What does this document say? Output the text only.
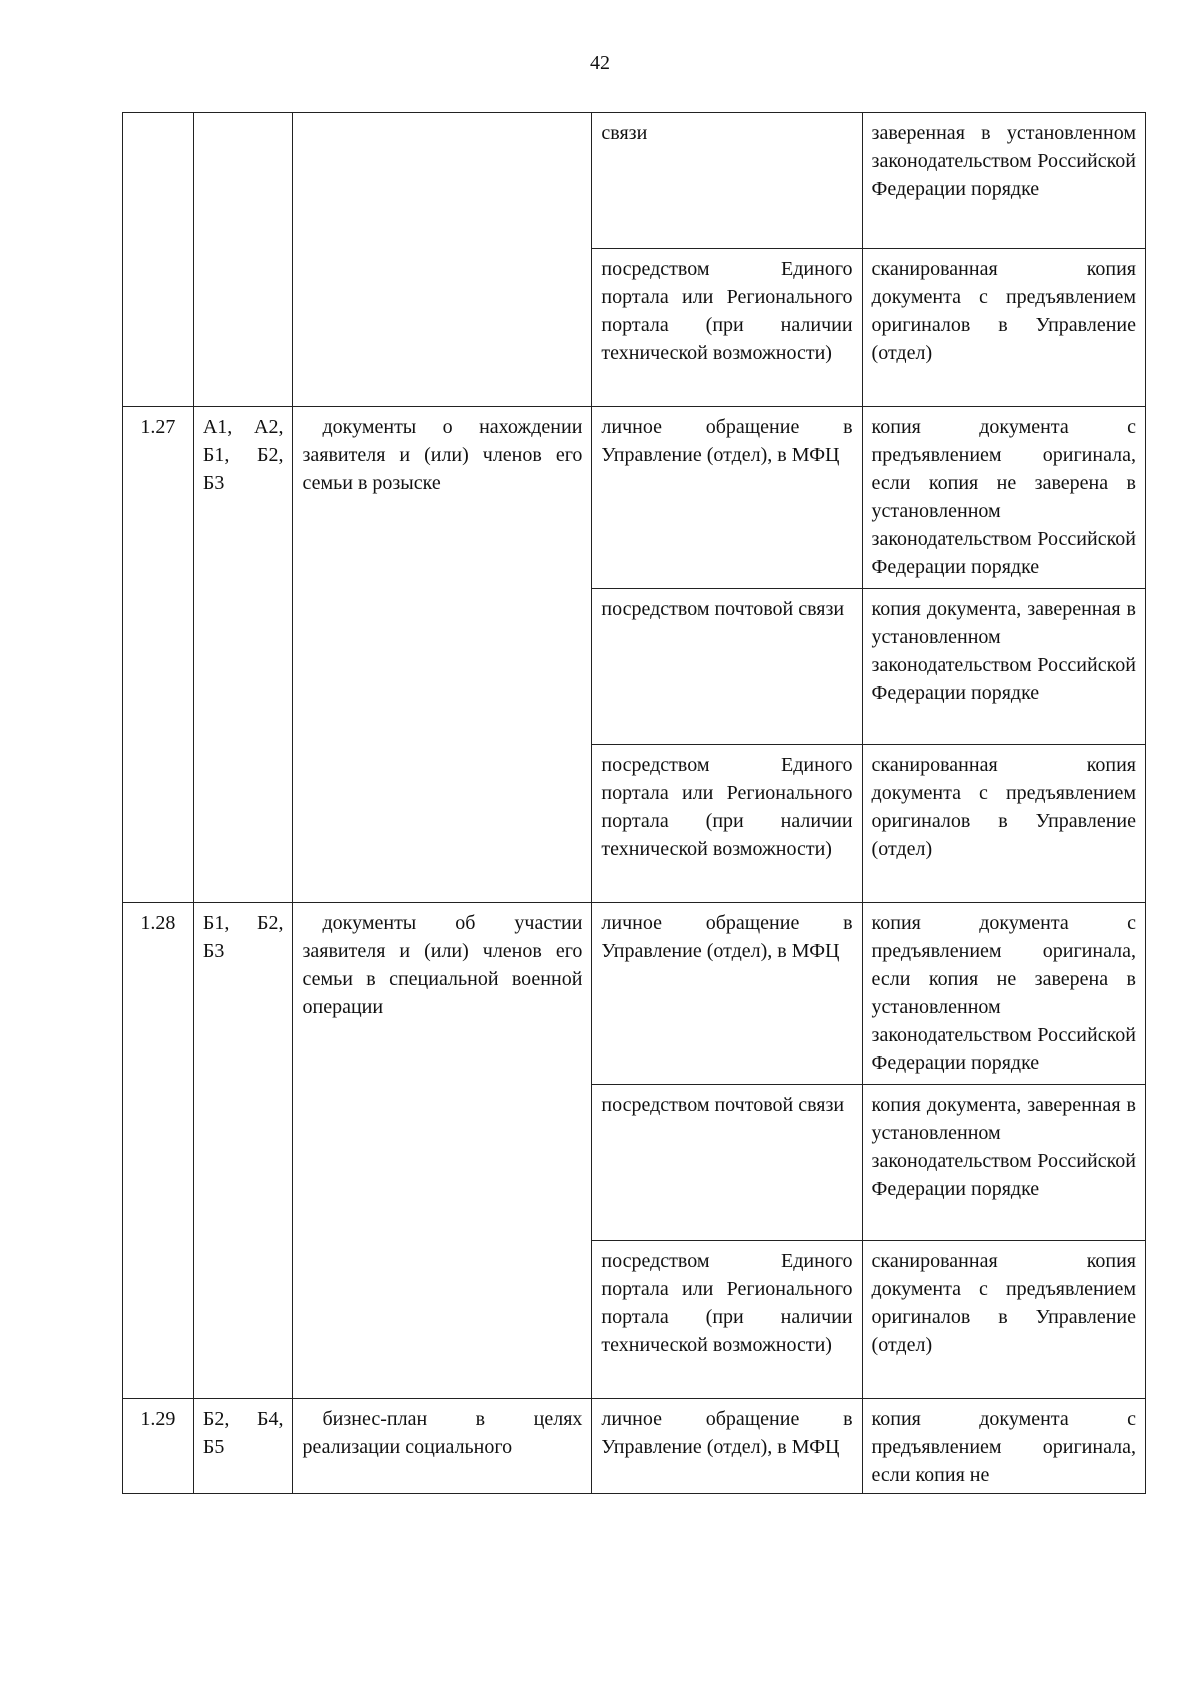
42
			связи	заверенная в установленном законодательством Российской Федерации порядке
			посредством Единого портала или Регионального портала (при наличии технической возможности)	сканированная копия документа с предъявлением оригиналов в Управление (отдел)
1.27	А1, А2, Б1, Б2, Б3	документы о нахождении заявителя и (или) членов его семьи в розыске	личное обращение в Управление (отдел), в МФЦ	копия документа с предъявлением оригинала, если копия не заверена в установленном законодательством Российской Федерации порядке
			посредством почтовой связи	копия документа, заверенная в установленном законодательством Российской Федерации порядке
			посредством Единого портала или Регионального портала (при наличии технической возможности)	сканированная копия документа с предъявлением оригиналов в Управление (отдел)
1.28	Б1, Б2, Б3	документы об участии заявителя и (или) членов его семьи в специальной военной операции	личное обращение в Управление (отдел), в МФЦ	копия документа с предъявлением оригинала, если копия не заверена в установленном законодательством Российской Федерации порядке
			посредством почтовой связи	копия документа, заверенная в установленном законодательством Российской Федерации порядке
			посредством Единого портала или Регионального портала (при наличии технической возможности)	сканированная копия документа с предъявлением оригиналов в Управление (отдел)
1.29	Б2, Б4, Б5	бизнес-план в целях реализации социального	личное обращение в Управление (отдел), в МФЦ	копия документа с предъявлением оригинала, если копия не
